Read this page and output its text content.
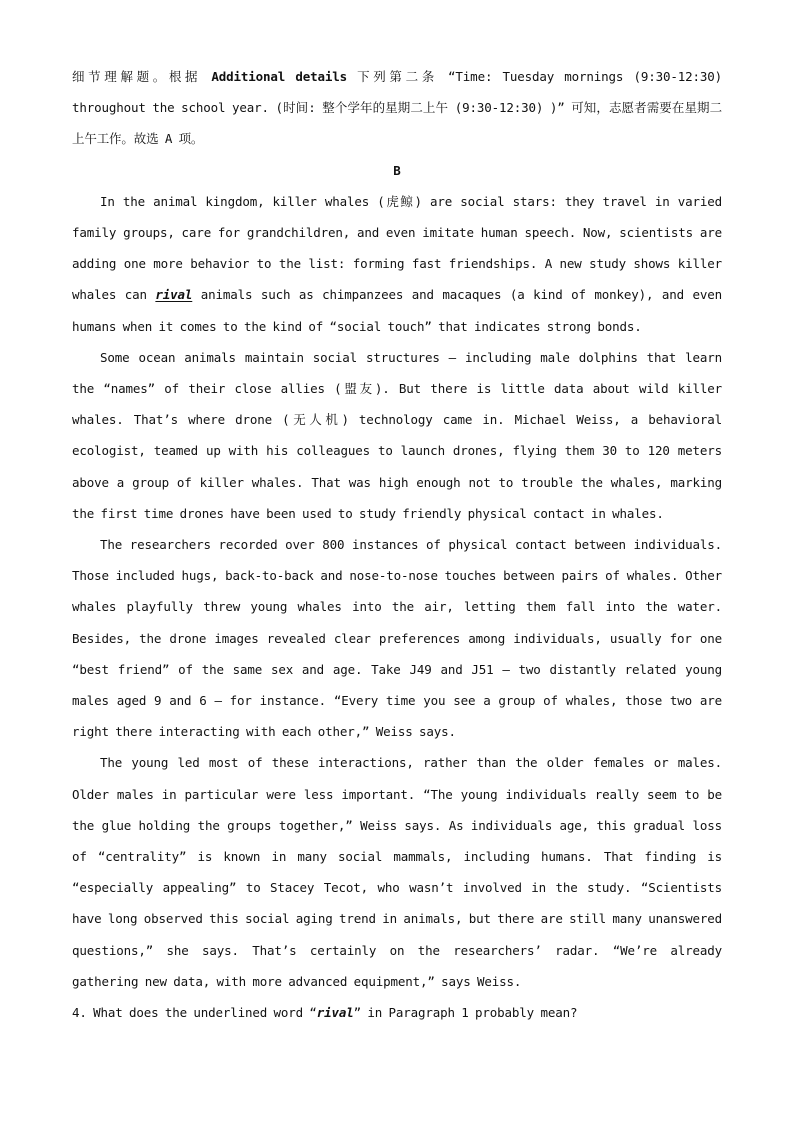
细节理解题。根据 Additional details 下列第二条 “Time: Tuesday mornings (9:30-12:30) throughout the school year. (时间: 整个学年的星期二上午 (9:30-12:30) )” 可知，志愿者需要在星期二上午工作。故选 A 项。

B

In the animal kingdom, killer whales (虎鲸) are social stars: they travel in varied family groups, care for grandchildren, and even imitate human speech. Now, scientists are adding one more behavior to the list: forming fast friendships. A new study shows killer whales can rival animals such as chimpanzees and macaques (a kind of monkey), and even humans when it comes to the kind of “social touch” that indicates strong bonds.

Some ocean animals maintain social structures — including male dolphins that learn the “names” of their close allies (盟友). But there is little data about wild killer whales. That’s where drone (无人机) technology came in. Michael Weiss, a behavioral ecologist, teamed up with his colleagues to launch drones, flying them 30 to 120 meters above a group of killer whales. That was high enough not to trouble the whales, marking the first time drones have been used to study friendly physical contact in whales.

The researchers recorded over 800 instances of physical contact between individuals. Those included hugs, back-to-back and nose-to-nose touches between pairs of whales. Other whales playfully threw young whales into the air, letting them fall into the water. Besides, the drone images revealed clear preferences among individuals, usually for one “best friend” of the same sex and age. Take J49 and J51 — two distantly related young males aged 9 and 6 — for instance. “Every time you see a group of whales, those two are right there interacting with each other,” Weiss says.

The young led most of these interactions, rather than the older females or males. Older males in particular were less important. “The young individuals really seem to be the glue holding the groups together,” Weiss says. As individuals age, this gradual loss of “centrality” is known in many social mammals, including humans. That finding is “especially appealing” to Stacey Tecot, who wasn’t involved in the study. “Scientists have long observed this social aging trend in animals, but there are still many unanswered questions,” she says. That’s certainly on the researchers’ radar. “We’re already gathering new data, with more advanced equipment,” says Weiss.

4. What does the underlined word “rival” in Paragraph 1 probably mean?
